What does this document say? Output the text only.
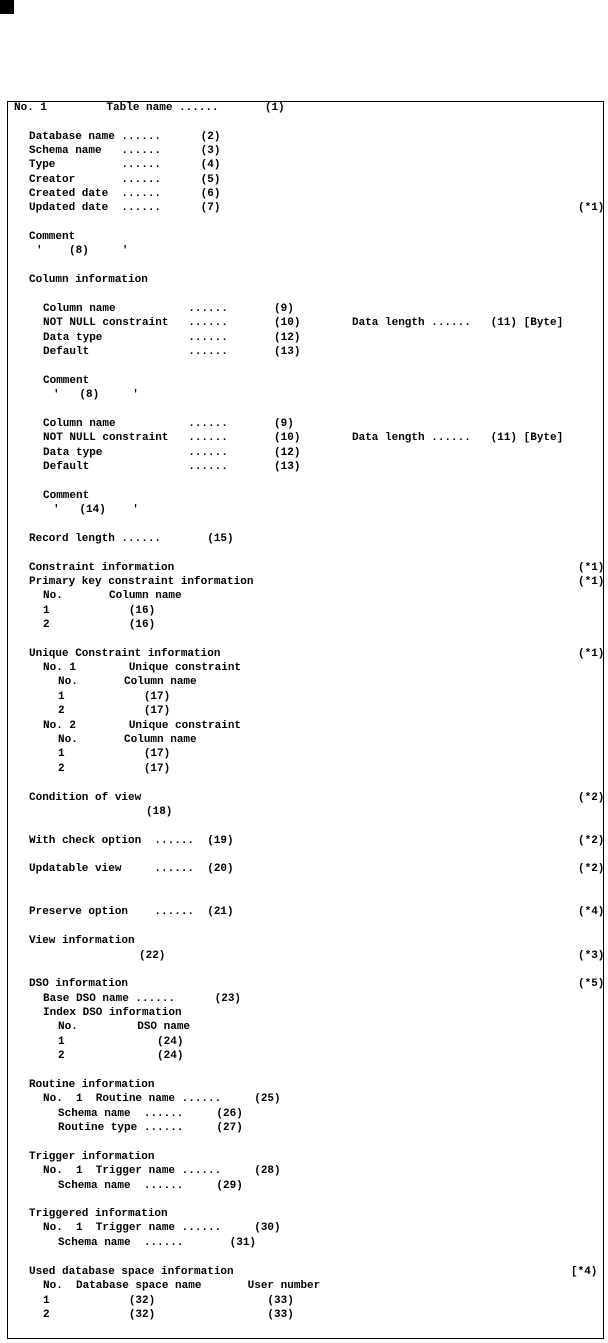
No. 1         Table name ......       (1)
Database name ......      (2)
Schema name   ......      (3)
Type          ......      (4)
Creator       ......      (5)
Created date  ......      (6)
Updated date  ......      (7)	(*1)
Comment
'    (8)     '
Column information
Column name           ......       (9)
NOT NULL constraint   ......       (10)	Data length ......   (11) [Byte]
Data type             ......       (12)
Default               ......       (13)
Comment
'   (8)     '
Column name           ......       (9)
NOT NULL constraint   ......       (10)	Data length ......   (11) [Byte]
Data type             ......       (12)
Default               ......       (13)
Comment
'   (14)    '
Record length ......       (15)
Constraint information	(*1)
Primary key constraint information	(*1)
No.       Column name
1            (16)
2            (16)
Unique Constraint information	(*1)
No. 1        Unique constraint
No.       Column name
1            (17)
2            (17)
No. 2        Unique constraint
No.       Column name
1            (17)
2            (17)
Condition of view	(*2)
(18)
With check option  ......  (19)	(*2)
Updatable view     ......  (20)	(*2)
Preserve option    ......  (21)	(*4)
View information
(22)	(*3)
DSO information	(*5)
Base DSO name ......      (23)
Index DSO information
No.         DSO name
1              (24)
2              (24)
Routine information
No.  1  Routine name ......     (25)
Schema name  ......     (26)
Routine type ......     (27)
Trigger information
No.  1  Trigger name ......     (28)
Schema name  ......     (29)
Triggered information
No.  1  Trigger name ......     (30)
Schema name  ......       (31)
Used database space information	[*4)
No.  Database space name       User number
1            (32)                 (33)
2            (32)                 (33)
